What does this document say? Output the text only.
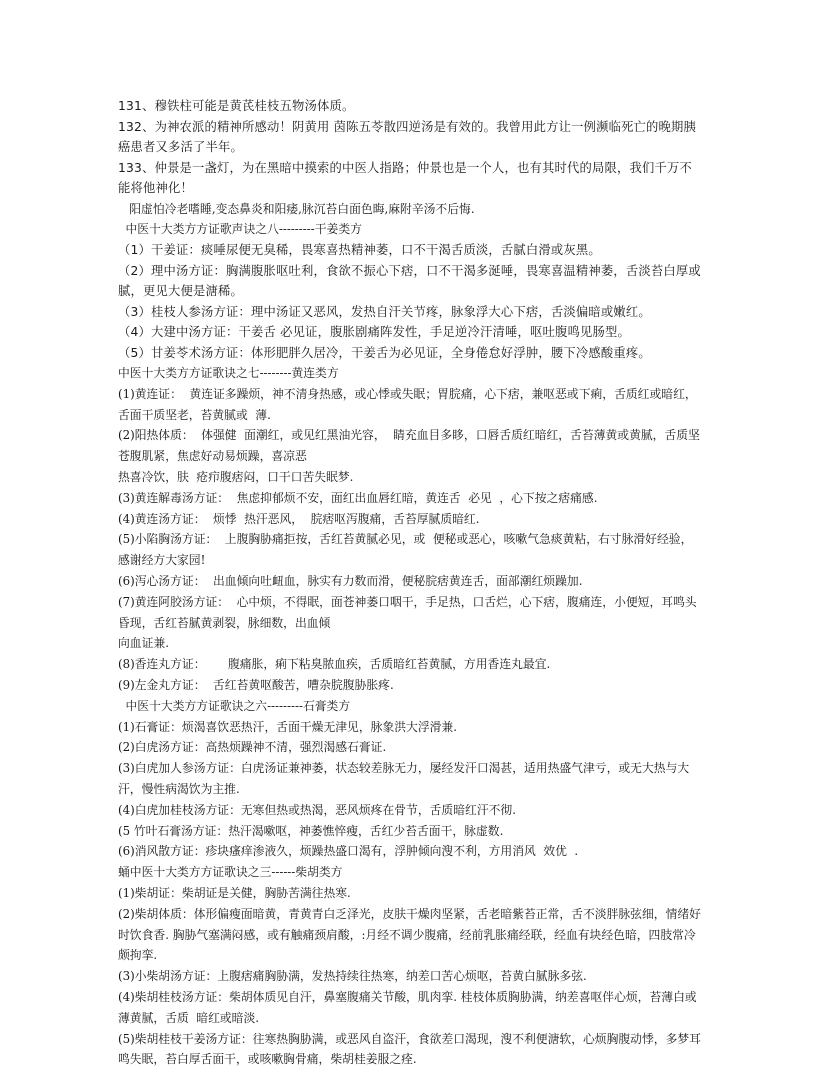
131、穆铁柱可能是黄芪桂枝五物汤体质。

132、为神农派的精神所感动！阴黄用 茵陈五苓散四逆汤是有效的。我曾用此方让一例濒临死亡的晚期胰癌患者又多活了半年。

133、仲景是一盏灯，为在黑暗中摸索的中医人指路；仲景也是一个人，也有其时代的局限，我们千万不能将他神化！

阳虚怕冷老嗜睡,变态鼻炎和阳痿,脉沉苔白面色晦,麻附辛汤不后悔.

中医十大类方方证歌声诀之八---------干姜类方

（1）干姜证：痰唾尿便无臭稀，畏寒喜热精神萎，口不干渴舌质淡，舌腻白滑或灰黑。

（2）理中汤方证：胸满腹胀呕吐利，食欲不振心下痞，口不干渴多涎唾，畏寒喜温精神萎，舌淡苔白厚或腻，更见大便是溏稀。

（3）桂枝人参汤方证：理中汤证又恶风，发热自汗关节疼，脉象浮大心下痞，舌淡偏暗或嫩红。

（4）大建中汤方证：干姜舌 必见证，腹胀剧痛阵发性，手足逆冷汗清唾，呕吐腹鸣见肠型。

（5）甘姜苓术汤方证：体形肥胖久居冷，干姜舌为必见证，全身倦怠好浮肿，腰下冷感酸重疼。

中医十大类方方证歌诀之七--------黄连类方

(1)黄连证：  黄连证多躁烦，神不清身热感，或心悸或失眠；胃脘痛，心下痞，兼呕恶或下痢，舌质红或暗红，舌面干质坚老，苔黄腻或  薄.

(2)阳热体质：  体强健  面潮红，或见红黑油光容，  睛充血目多眵，口唇舌质红暗红，舌苔薄黄或黄腻，舌质坚苍腹肌紧，焦虑好动易烦躁，喜凉恶

热喜冷饮，肤  疮疖腹痞闷，口干口苦失眠梦.

(3)黄连解毒汤方证：  焦虑抑郁烦不安，面红出血唇红暗，黄连舌  必见  ，心下按之痞痛感.

(4)黄连汤方证：  烦悸  热汗恶风，  脘痞呕泻腹痛，舌苔厚腻质暗红.

(5)小陷胸汤方证：  上腹胸胁痛拒按，舌红苔黄腻必见，或  便秘或恶心，咳嗽气急痰黄粘，右寸脉滑好经验，感谢经方大家园!

(6)泻心汤方证：  出血倾向吐衄血，脉实有力数而滑，便秘脘痞黄连舌，面部潮红烦躁加.

(7)黄连阿胶汤方证：  心中烦，不得眠，面苍神萎口咽干，手足热，口舌烂，心下痞，腹痛连，小便短，耳鸣头昏现，舌红苔腻黄剥裂，脉细数，出血倾

向血证兼.

(8)香连丸方证：      腹痛胀，痢下粘臭脓血疾，舌质暗红苔黄腻，方用香连丸最宜.

(9)左金丸方证：  舌红苔黄呕酸苦，嘈杂脘腹胁胀疼.

中医十大类方方证歌诀之六---------石膏类方

(1)石膏证：烦渴喜饮恶热汗，舌面干燥无津见，脉象洪大浮滑兼.

(2)白虎汤方证：高热烦躁神不清，强烈渴感石膏证.

(3)白虎加人参汤方证：白虎汤证兼神萎，状态较差脉无力，屡经发汗口渴甚，适用热盛气津亏，或无大热与大汗，慢性病渴饮为主推.

(4)白虎加桂枝汤方证：无寒但热或热渴，恶风烦疼在骨节，舌质暗红汗不彻.

(5 竹叶石膏汤方证：热汗渴嗽呕，神萎憔悴瘦，舌红少苔舌面干，脉虚数.

(6)消风散方证：疹块瘙痒渗液久，烦躁热盛口渴有，浮肿倾向溲不利，方用消风  效优  .

蛹中医十大类方方证歌诀之三------柴胡类方

(1)柴胡证：柴胡证是关健，胸胁苦满往热寒.

(2)柴胡体质：体形偏瘦面暗黄，青黄青白乏泽光，皮肤干燥肉坚紧，舌老暗紫苔正常，舌不淡胖脉弦细，情绪好时饮食香. 胸胁气塞满闷感，或有触痛颈肩酸，:月经不调少腹痛，经前乳胀痛经联，经血有块经色暗，四肢常冷颇拘挛.

(3)小柴胡汤方证：上腹痞痛胸胁满，发热持续往热寒，纳差口苦心烦呕，苔黄白腻脉多弦.

(4)柴胡桂枝汤方证：柴胡体质见自汗，鼻塞腹痛关节酸，肌肉挛. 桂枝体质胸胁满，纳差喜呕伴心烦，苔薄白或薄黄腻，舌质  暗红或暗淡.

(5)柴胡桂枝干姜汤方证：往寒热胸胁满，或恶风自盗汗，食欲差口渴现，溲不利便溏软，心烦胸腹动悸，多梦耳鸣失眠，苔白厚舌面干，或咳嗽胸骨痛，柴胡桂姜服之痊.
